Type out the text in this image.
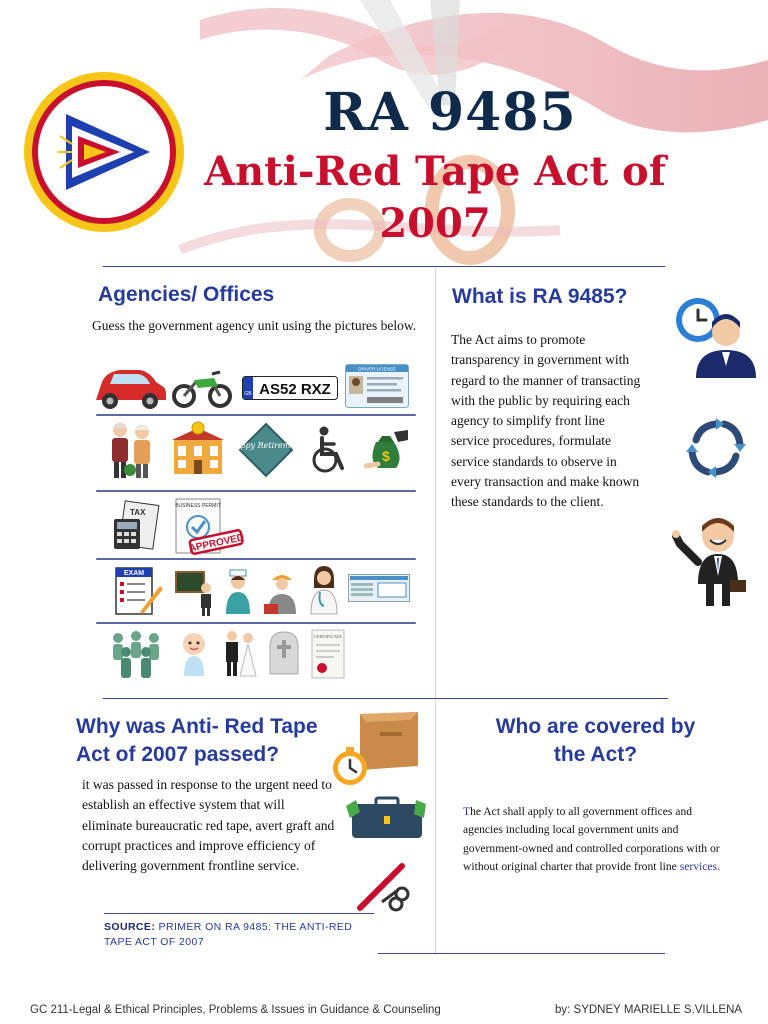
RA 9485
Anti-Red Tape Act of
2007
Agencies/ Offices
Guess the government agency unit using the pictures below.
GB AS52 RXZ
DRIVER LICENSE
Happy Retirement
$
TAX
BUSINESS PERMIT
APPROVED
EXAM
CERTIFICATE
What is RA 9485?
The Act aims to promote transparency in government with regard to the manner of transacting with the public by requiring each agency to simplify front line service procedures, formulate service standards to observe in every transaction and make known these standards to the client.
Why was Anti- Red Tape Act of 2007 passed?
it was passed in response to the urgent need to establish an effective system that will eliminate bureaucratic red tape, avert graft and corrupt practices and improve efficiency of delivering government frontline service.
SOURCE: PRIMER ON RA 9485: THE ANTI-RED TAPE ACT OF 2007
Who are covered by the Act?
The Act shall apply to all government offices and agencies including local government units and government-owned and controlled corporations with or without original charter that provide front line services.
GC 211-Legal & Ethical Principles, Problems & Issues in Guidance & Counseling	by: SYDNEY MARIELLE S.VILLENA
